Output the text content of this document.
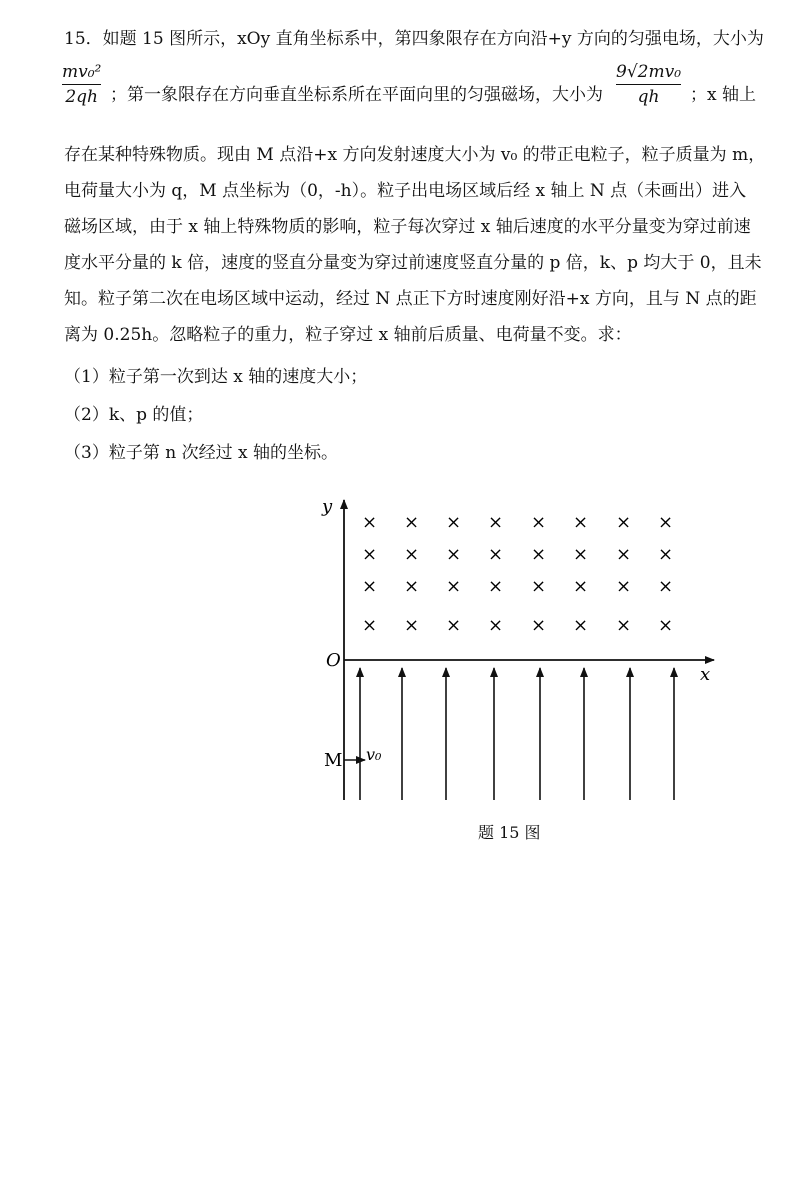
15．如题 15 图所示，xOy 直角坐标系中，第四象限存在方向沿+y 方向的匀强电场，大小为
mv₀²
2qh ；第一象限存在方向垂直坐标系所在平面向里的匀强磁场，大小为
9√2mv₀
qh	；x 轴上
存在某种特殊物质。现由 M 点沿+x 方向发射速度大小为 v₀ 的带正电粒子，粒子质量为 m，
电荷量大小为 q，M 点坐标为（0，-h）。粒子出电场区域后经 x 轴上 N 点（未画出）进入
磁场区域，由于 x 轴上特殊物质的影响，粒子每次穿过 x 轴后速度的水平分量变为穿过前速
度水平分量的 k 倍，速度的竖直分量变为穿过前速度竖直分量的 p 倍，k、p 均大于 0，且未
知。粒子第二次在电场区域中运动，经过 N 点正下方时速度刚好沿+x 方向，且与 N 点的距
离为 0.25h。忽略粒子的重力，粒子穿过 x 轴前后质量、电荷量不变。求：
（1）粒子第一次到达 x 轴的速度大小；
（2）k、p 的值；
（3）粒子第 n 次经过 x 轴的坐标。
y
x
O
× × × × × × × ×
× × × × × × × ×
× × × × × × × ×
× × × × × × × ×
M v₀
题 15 图
